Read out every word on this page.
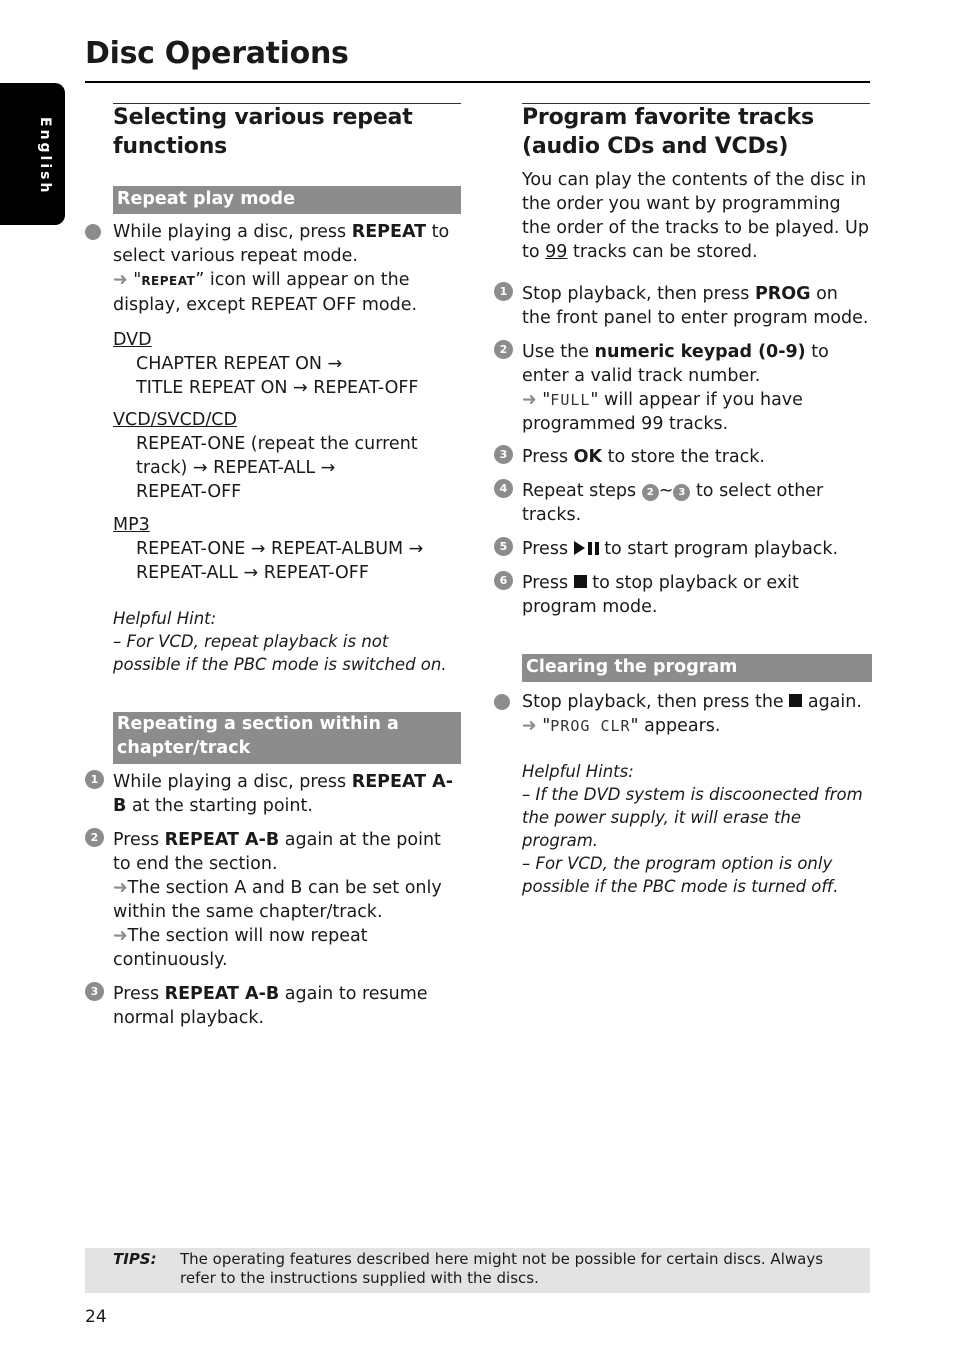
Disc Operations
English	Selecting various repeat functions
Repeat play mode

While playing a disc, press REPEAT to select various repeat mode.

➜ "REPEAT” icon will appear on the display, except REPEAT OFF mode.

DVD
CHAPTER REPEAT ON →
TITLE REPEAT ON → REPEAT-OFF
VCD/SVCD/CD
REPEAT-ONE (repeat the current
track) → REPEAT-ALL →
REPEAT-OFF
MP3
REPEAT-ONE → REPEAT-ALBUM →
REPEAT-ALL → REPEAT-OFF
Helpful Hint:
– For VCD, repeat playback is not possible if the PBC mode is switched on.
Repeating a section within a chapter/track
1 While playing a disc, press REPEAT A-B at the starting point.

2 Press REPEAT A-B again at the point to end the section.

➜The section A and B can be set only within the same chapter/track.

➜The section will now repeat continuously.

3 Press REPEAT A-B again to resume normal playback.

Program favorite tracks (audio CDs and VCDs)

You can play the contents of the disc in the order you want by programming the order of the tracks to be played. Up to 99 tracks can be stored.

1 Stop playback, then press PROG on the front panel to enter program mode.

2 Use the numeric keypad (0-9) to enter a valid track number.

➜ "FULL" will appear if you have programmed 99 tracks.

3 Press OK to store the track.

4 Repeat steps 2 ~ 3 to select other tracks.

5 Press  to start program playback.

6 Press  to stop playback or exit program mode.

Clearing the program

Stop playback, then press the  again.

➜ "PROG CLR" appears.

Helpful Hints:
– If the DVD system is discoonected from the power supply, it will erase the program.
– For VCD, the program option is only possible if the PBC mode is turned off.
TIPS: The operating features described here might not be possible for certain discs. Always refer to the instructions supplied with the discs.
24
